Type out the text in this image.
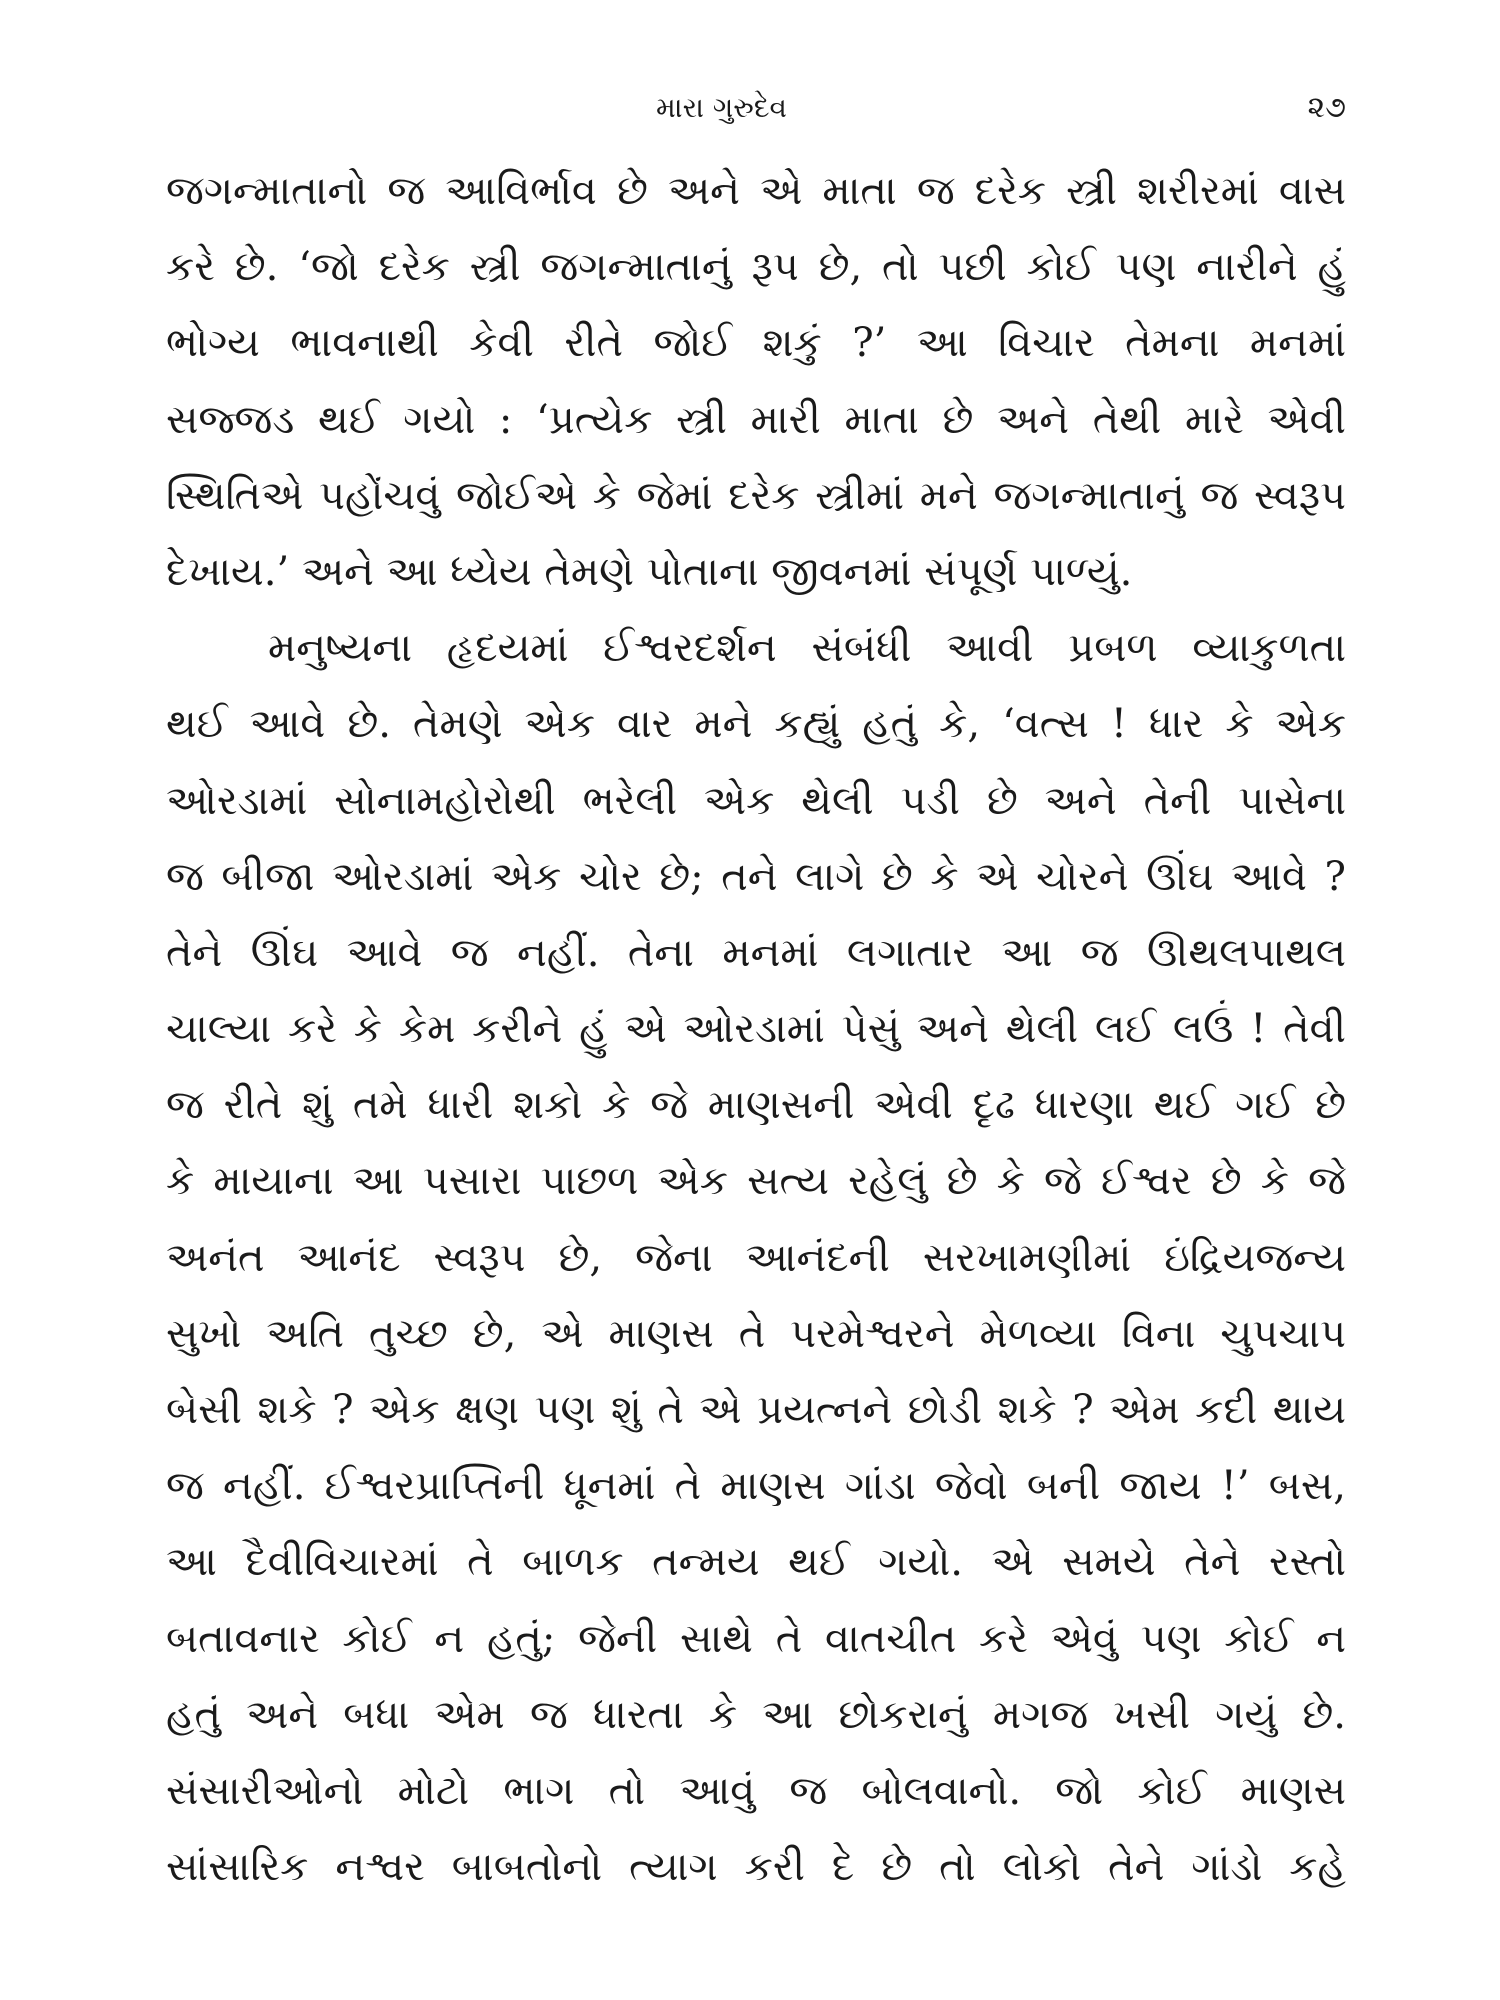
મારા ગુરુદેવ	૨૭
જગન્માતાનો જ આવિર્ભાવ છે અને એ માતા જ દરેક સ્ત્રી શરીરમાં વાસ
કરે છે. ‘જો દરેક સ્ત્રી જગન્માતાનું રૂપ છે, તો પછી કોઈ પણ નારીને હું
ભોગ્ય ભાવનાથી કેવી રીતે જોઈ શકું ?’ આ વિચાર તેમના મનમાં
સજ્જડ થઈ ગયો : ‘પ્રત્યેક સ્ત્રી મારી માતા છે અને તેથી મારે એવી
સ્થિતિએ પહોંચવું જોઈએ કે જેમાં દરેક સ્ત્રીમાં મને જગન્માતાનું જ સ્વરૂપ
દેખાય.’ અને આ ધ્યેય તેમણે પોતાના જીવનમાં સંપૂર્ણ પાળ્યું.
મનુષ્યના હૃદયમાં ઈશ્વરદર્શન સંબંધી આવી પ્રબળ વ્યાકુળતા
થઈ આવે છે. તેમણે એક વાર મને કહ્યું હતું કે, ‘વત્સ ! ધાર કે એક
ઓરડામાં સોનામહોરોથી ભરેલી એક થેલી પડી છે અને તેની પાસેના
જ બીજા ઓરડામાં એક ચોર છે; તને લાગે છે કે એ ચોરને ઊંઘ આવે ?
તેને ઊંઘ આવે જ નહીં. તેના મનમાં લગાતાર આ જ ઊથલપાથલ
ચાલ્યા કરે કે કેમ કરીને હું એ ઓરડામાં પેસું અને થેલી લઈ લઉં ! તેવી
જ રીતે શું તમે ધારી શકો કે જે માણસની એવી દૃઢ ધારણા થઈ ગઈ છે
કે માયાના આ પસારા પાછળ એક સત્ય રહેલું છે કે જે ઈશ્વર છે કે જે
અનંત આનંદ સ્વરૂપ છે, જેના આનંદની સરખામણીમાં ઇંદ્રિયજન્ય
સુખો અતિ તુચ્છ છે, એ માણસ તે પરમેશ્વરને મેળવ્યા વિના ચુપચાપ
બેસી શકે ? એક ક્ષણ પણ શું તે એ પ્રયત્નને છોડી શકે ? એમ કદી થાય
જ નહીં. ઈશ્વરપ્રાપ્તિની ધૂનમાં તે માણસ ગાંડા જેવો બની જાય !’ બસ,
આ દૈવીવિચારમાં તે બાળક તન્મય થઈ ગયો. એ સમયે તેને રસ્તો
બતાવનાર કોઈ ન હતું; જેની સાથે તે વાતચીત કરે એવું પણ કોઈ ન
હતું અને બધા એમ જ ધારતા કે આ છોકરાનું મગજ ખસી ગયું છે.
સંસારીઓનો મોટો ભાગ તો આવું જ બોલવાનો. જો કોઈ માણસ
સાંસારિક નશ્વર બાબતોનો ત્યાગ કરી દે છે તો લોકો તેને ગાંડો કહે
